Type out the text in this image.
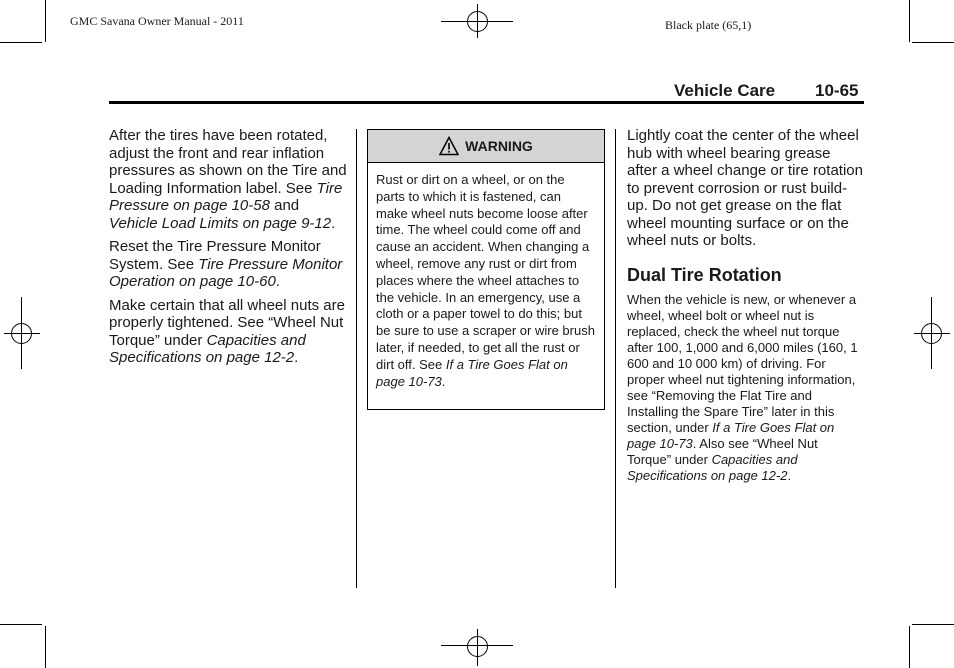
GMC Savana Owner Manual - 2011	Black plate (65,1)
Vehicle Care 10-65

After the tires have been rotated, adjust the front and rear inflation pressures as shown on the Tire and Loading Information label. See Tire Pressure on page 10-58 and Vehicle Load Limits on page 9-12.

Reset the Tire Pressure Monitor System. See Tire Pressure Monitor Operation on page 10-60.

Make certain that all wheel nuts are properly tightened. See “Wheel Nut Torque” under Capacities and Specifications on page 12-2.

WARNING
Rust or dirt on a wheel, or on the parts to which it is fastened, can make wheel nuts become loose after time. The wheel could come off and cause an accident. When changing a wheel, remove any rust or dirt from places where the wheel attaches to the vehicle. In an emergency, use a cloth or a paper towel to do this; but be sure to use a scraper or wire brush later, if needed, to get all the rust or dirt off. See If a Tire Goes Flat on page 10-73.

Lightly coat the center of the wheel hub with wheel bearing grease after a wheel change or tire rotation to prevent corrosion or rust build-up. Do not get grease on the flat wheel mounting surface or on the wheel nuts or bolts.

Dual Tire Rotation

When the vehicle is new, or whenever a wheel, wheel bolt or wheel nut is replaced, check the wheel nut torque after 100, 1,000 and 6,000 miles (160, 1 600 and 10 000 km) of driving. For proper wheel nut tightening information, see “Removing the Flat Tire and Installing the Spare Tire” later in this section, under If a Tire Goes Flat on page 10-73. Also see “Wheel Nut Torque” under Capacities and Specifications on page 12-2.
